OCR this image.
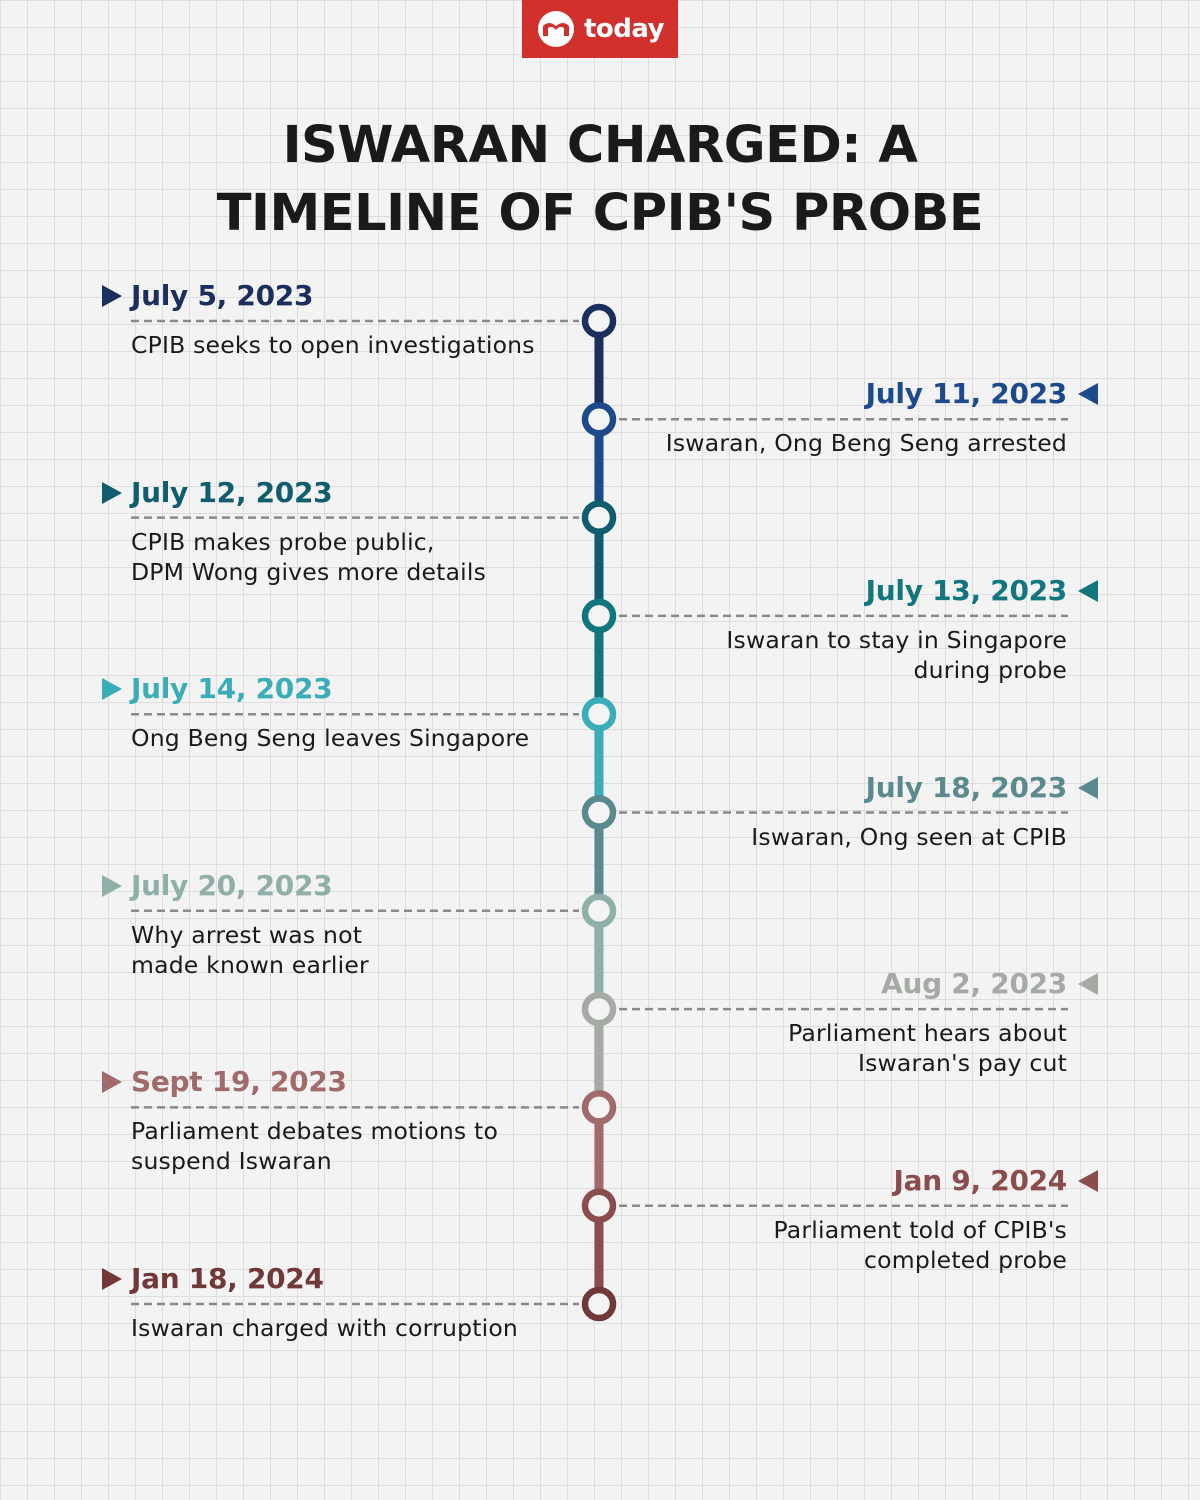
today
ISWARAN CHARGED: A
TIMELINE OF CPIB'S PROBE
July 5, 2023
CPIB seeks to open investigations
July 11, 2023
Iswaran, Ong Beng Seng arrested
July 12, 2023
CPIB makes probe public,
DPM Wong gives more details
July 13, 2023
Iswaran to stay in Singapore
during probe
July 14, 2023
Ong Beng Seng leaves Singapore
July 18, 2023
Iswaran, Ong seen at CPIB
July 20, 2023
Why arrest was not
made known earlier
Aug 2, 2023
Parliament hears about
Iswaran's pay cut
Sept 19, 2023
Parliament debates motions to
suspend Iswaran
Jan 9, 2024
Parliament told of CPIB's
completed probe
Jan 18, 2024
Iswaran charged with corruption
